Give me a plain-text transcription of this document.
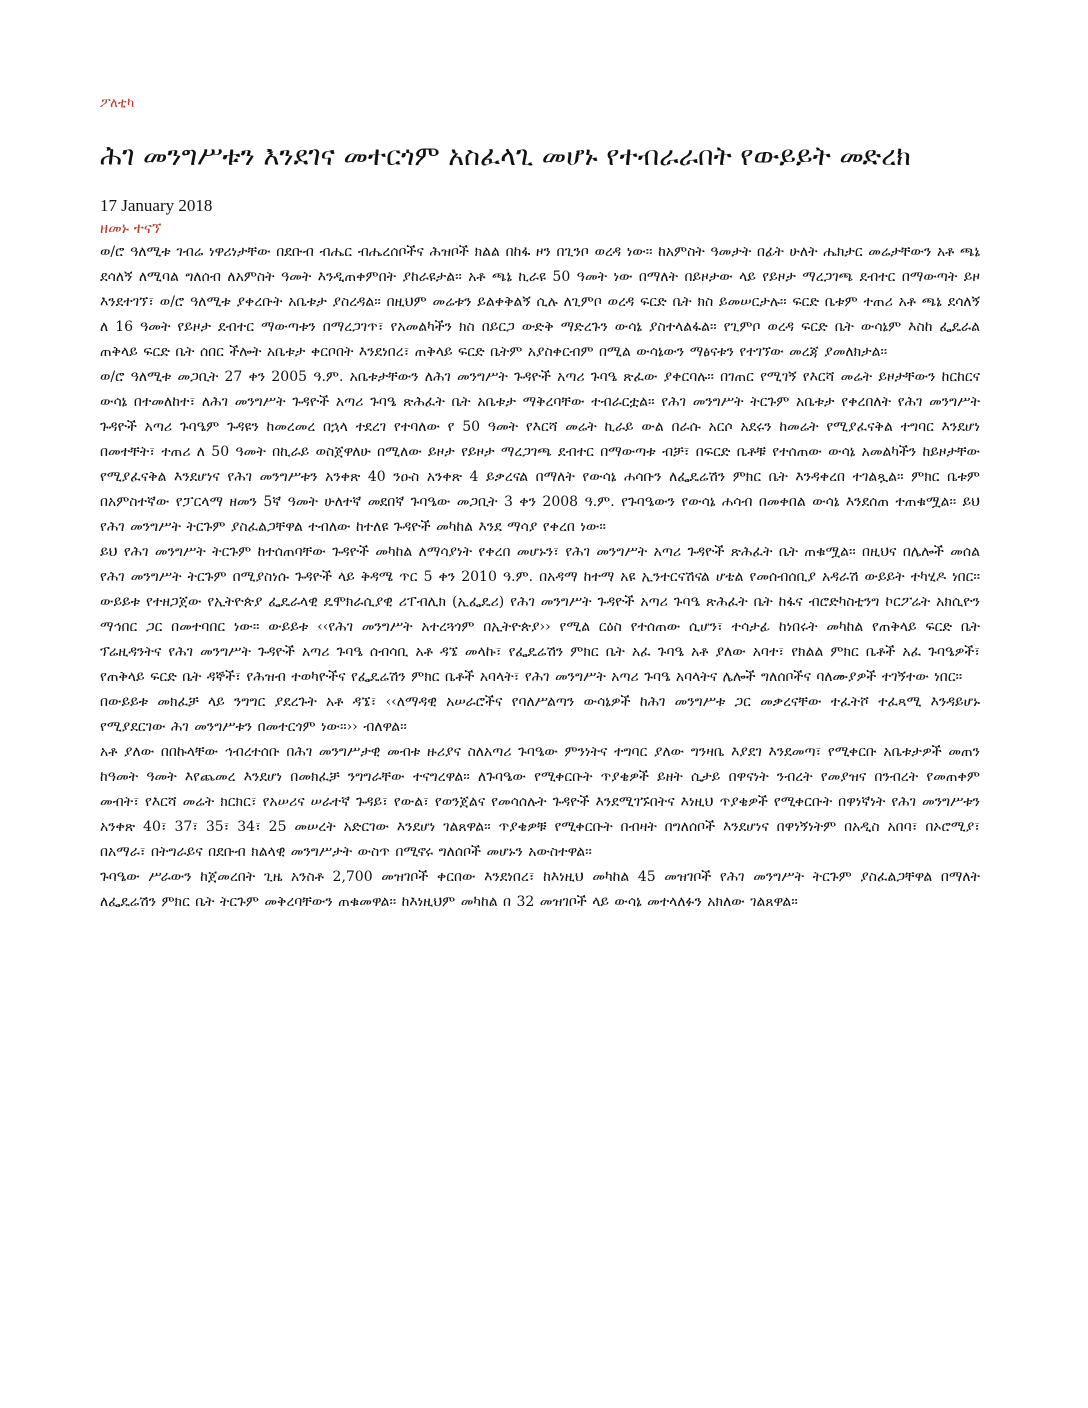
ፖለቲካ
ሕገ መንግሥቱን እንደገና መተርጎም አስፈላጊ መሆኑ የተብራራበት የውይይት መድረክ
17 January 2018
ዘመኑ ተናኘ

ወ/ሮ ዓለሚቱ ገብሬ ነዋሪነታቸው በደቡብ ብሔር ብሔረሰቦችና ሕዝቦች ክልል በከፋ ዞን በጊንቦ ወረዳ ነው፡፡ ከአምስት ዓመታት በፊት ሁለት ሔክታር መሬታቸውን አቶ ጫኔ ደሳለኝ ለሚባል ግለሰብ ለአምስት ዓመት እንዲጠቀምበት ያከራዩታል፡፡ አቶ ጫኔ ኪራዩ 50 ዓመት ነው በማለት በይዞታው ላይ የይዞታ ማረጋገጫ ደብተር በማውጣት ይዞ እንደተገኘ፣ ወ/ሮ ዓለሚቱ ያቀረቡት አቤቱታ ያስረዳል፡፡ በዚህም መሬቱን ይልቀቅልኝ ሲሉ ለጊምቦ ወረዳ ፍርድ ቤት ክስ ይመሠርታሉ፡፡ ፍርድ ቤቱም ተጠሪ አቶ ጫኔ ደሳለኝ ለ 16 ዓመት የይዞታ ደብተር ማውጣቱን በማረጋገጥ፣ የአመልካችን ክስ በይርጋ ውድቅ ማድረጉን ውሳኔ ያስተላልፋል፡፡ የጊምቦ ወረዳ ፍርድ ቤት ውሳኔም እስከ ፌዴራል ጠቅላይ ፍርድ ቤት ሰበር ችሎት አቤቱታ ቀርቦበት እንደነበረ፣ ጠቅላይ ፍርድ ቤትም አያስቀርብም በሚል ውሳኔውን ማፅናቱን የተገኘው መረጃ ያመለክታል፡፡

ወ/ሮ ዓለሚቱ መጋቢት 27 ቀን 2005 ዓ.ም. አቤቱታቸውን ለሕገ መንግሥት ጉዳዮች አጣሪ ጉባዔ ጽፈው ያቀርባሉ፡፡ በገጠር የሚገኝ የእርሻ መሬት ይዞታቸውን ከርከርና ውሳኔ በተመለከተ፣ ለሕገ መንግሥት ጉዳዮች አጣሪ ጉባዔ ጽሕፈት ቤት አቤቱታ ማቅረባቸው ተብራርቷል፡፡ የሕገ መንግሥት ትርጉም አቤቱታ የቀረበለት የሕገ መንግሥት ጉዳዮች አጣሪ ጉባዔም ጉዳዩን ከመረመረ በኋላ ተደረገ የተባለው የ 50 ዓመት የእርሻ መሬት ኪራይ ውል በራሱ አርሶ አደሩን ከመሬት የሚያፈናቅል ተግባር እንደሆነ በመተቸት፣ ተጠሪ ለ 50 ዓመት በኪራይ ወስጀዋለሁ በሚለው ይዞታ የይዞታ ማረጋገጫ ደብተር በማውጣቱ ብቻ፣ በፍርድ ቤቶቹ የተሰጠው ውሳኔ አመልካችን ከይዞታቸው የሚያፈናቅል እንደሆነና የሕገ መንግሥቱን አንቀጽ 40 ንዑስ አንቀጽ 4 ይቃረናል በማለት የውሳኔ ሐሳቡን ለፌዴሬሽን ምክር ቤት እንዳቀረበ ተገልጿል፡፡ ምክር ቤቱም በአምስተኛው የፓርላማ ዘመን 5ኛ ዓመት ሁለተኛ መደበኛ ጉባዔው መጋቢት 3 ቀን 2008 ዓ.ም. የጉባዔውን የውሳኔ ሐሳብ በመቀበል ውሳኔ እንደሰጠ ተጠቁሟል፡፡ ይህ የሕገ መንግሥት ትርጉም ያስፈልጋቸዋል ተብለው ከተለዩ ጉዳዮች መካከል እንደ ማሳያ የቀረበ ነው፡፡

ይህ የሕገ መንግሥት ትርጉም ከተሰጠባቸው ጉዳዮች መካከል ለማሳያነት የቀረበ መሆኑን፣ የሕገ መንግሥት አጣሪ ጉዳዮች ጽሕፈት ቤት ጠቁሟል፡፡ በዚህና በሌሎች መሰል የሕገ መንግሥት ትርጉም በሚያስነሱ ጉዳዮች ላይ ቅዳሜ ጥር 5 ቀን 2010 ዓ.ም. በአዳማ ከተማ አዩ ኢንተርናሽናል ሆቴል የመሰብሰቢያ አዳራሽ ውይይት ተካሂዶ ነበር፡፡ ውይይቱ የተዘጋጀው የኢትዮጵያ ፌዴራላዊ ዴሞክራሲያዊ ሪፐብሊክ (ኢፌዴሪ) የሕገ መንግሥት ጉዳዮች አጣሪ ጉባዔ ጽሕፈት ቤት ከፋና ብሮድካስቲንግ ኮርፖሬት አክሲዮን ማኅበር ጋር በመተባበር ነው፡፡ ውይይቱ ‹‹የሕገ መንግሥት አተረጓጎም በኢትዮጵያ›› የሚል ርዕስ የተሰጠው ሲሆን፣ ተሳታፊ ከነበሩት መካከል የጠቅላይ ፍርድ ቤት ፕሬዚዳንትና የሕገ መንግሥት ጉዳዮች አጣሪ ጉባዔ ሰብሳቢ አቶ ዳኜ መላኩ፣ የፌዴሬሽን ምክር ቤት አፈ ጉባዔ አቶ ያለው አባተ፣ የክልል ምክር ቤቶች አፈ ጉባዔዎች፣ የጠቅላይ ፍርድ ቤት ዳኞች፣ የሕዝብ ተወካዮችና የፌዴሬሽን ምክር ቤቶች አባላት፣ የሕገ መንግሥት አጣሪ ጉባዔ አባላትና ሌሎች ግለሰቦችና ባለሙያዎች ተገኝተው ነበር፡፡

በውይይቱ መክፈቻ ላይ ንግግር ያደረጉት አቶ ዳኜ፣ ‹‹ለማዳዊ አሠራሮችና የባለሥልጣን ውሳኔዎች ከሕገ መንግሥቱ ጋር መቃረናቸው ተፈትሾ ተፈጻሚ እንዳይሆኑ የሚያደርገው ሕገ መንግሥቱን በመተርጎም ነው፡፡›› ብለዋል፡፡

አቶ ያለው በበኩላቸው ኅብረተሰቡ በሕገ መንግሥታዊ መብቱ ዙሪያና ስለአጣሪ ጉባዔው ምንነትና ተግባር ያለው ግንዛቤ እያደገ እንደመጣ፣ የሚቀርቡ አቤቱታዎች መጠን ከዓመት ዓመት እየጨመረ እንደሆነ በመክፈቻ ንግግራቸው ተናግረዋል፡፡ ለጉባዔው የሚቀርቡት ጥያቄዎች ይዘት ሲታይ በዋናነት ንብረት የመያዝና በንብረት የመጠቀም መብት፣ የእርሻ መሬት ክርክር፣ የአሠሪና ሠራተኛ ጉዳይ፣ የውል፣ የወንጀልና የመሳሰሉት ጉዳዮች እንደሚገኙበትና እነዚህ ጥያቄዎች የሚቀርቡት በዋነኛነት የሕገ መንግሥቱን አንቀጽ 40፣ 37፣ 35፣ 34፣ 25 መሠረት አድርገው እንደሆነ ገልጸዋል፡፡ ጥያቄዎቹ የሚቀርቡት በብዛት በግለሰቦች እንደሆነና በዋነኝነትም በአዲስ አበባ፣ በኦሮሚያ፣ በአማራ፣ በትግራይና በደቡብ ክልላዊ መንግሥታት ውስጥ በሚኖሩ ግለሰቦች መሆኑን አውስተዋል፡፡

ጉባዔው ሥራውን ከጀመረበት ጊዜ አንስቶ 2,700 መዝገቦች ቀርበው እንደነበረ፣ ከእነዚህ መካከል 45 መዝገቦች የሕገ መንግሥት ትርጉም ያስፈልጋቸዋል በማለት ለፌዴሬሽን ምክር ቤት ትርጉም መቅረባቸውን ጠቁመዋል፡፡ ከእነዚህም መካከል በ 32 መዝገቦች ላይ ውሳኔ መተላለፉን አክለው ገልጸዋል፡፡
